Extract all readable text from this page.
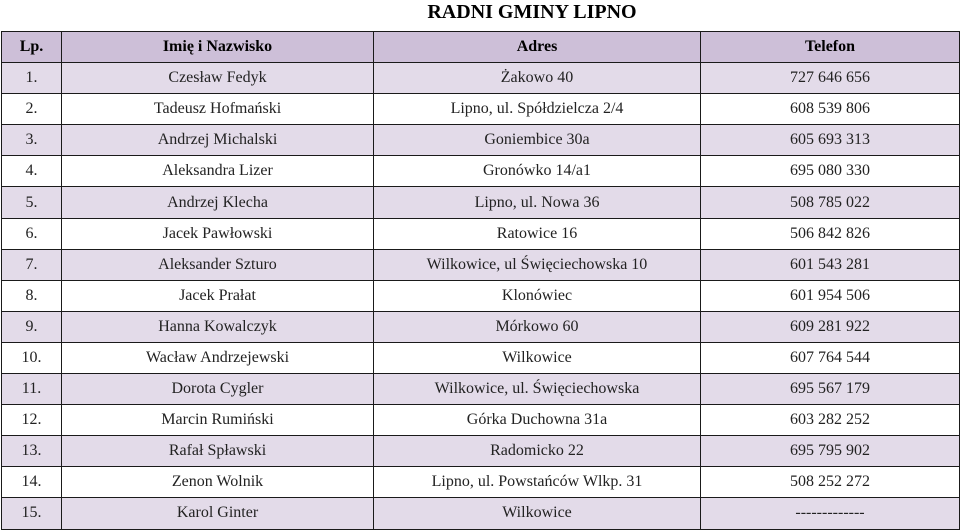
RADNI GMINY LIPNO
Lp.	Imię i Nazwisko	Adres	Telefon
1.	Czesław Fedyk	Żakowo 40	727 646 656
2.	Tadeusz Hofmański	Lipno, ul. Spółdzielcza 2/4	608 539 806
3.	Andrzej Michalski	Goniembice 30a	605 693 313
4.	Aleksandra Lizer	Gronówko 14/a1	695 080 330
5.	Andrzej Klecha	Lipno, ul. Nowa 36	508 785 022
6.	Jacek Pawłowski	Ratowice 16	506 842 826
7.	Aleksander Szturo	Wilkowice, ul Święciechowska 10	601 543 281
8.	Jacek Prałat	Klonówiec	601 954 506
9.	Hanna Kowalczyk	Mórkowo 60	609 281 922
10.	Wacław Andrzejewski	Wilkowice	607 764 544
11.	Dorota Cygler	Wilkowice, ul. Święciechowska	695 567 179
12.	Marcin Rumiński	Górka Duchowna 31a	603 282 252
13.	Rafał Spławski	Radomicko 22	695 795 902
14.	Zenon Wolnik	Lipno, ul. Powstańców Wlkp. 31	508 252 272
15.	Karol Ginter	Wilkowice	-------------
